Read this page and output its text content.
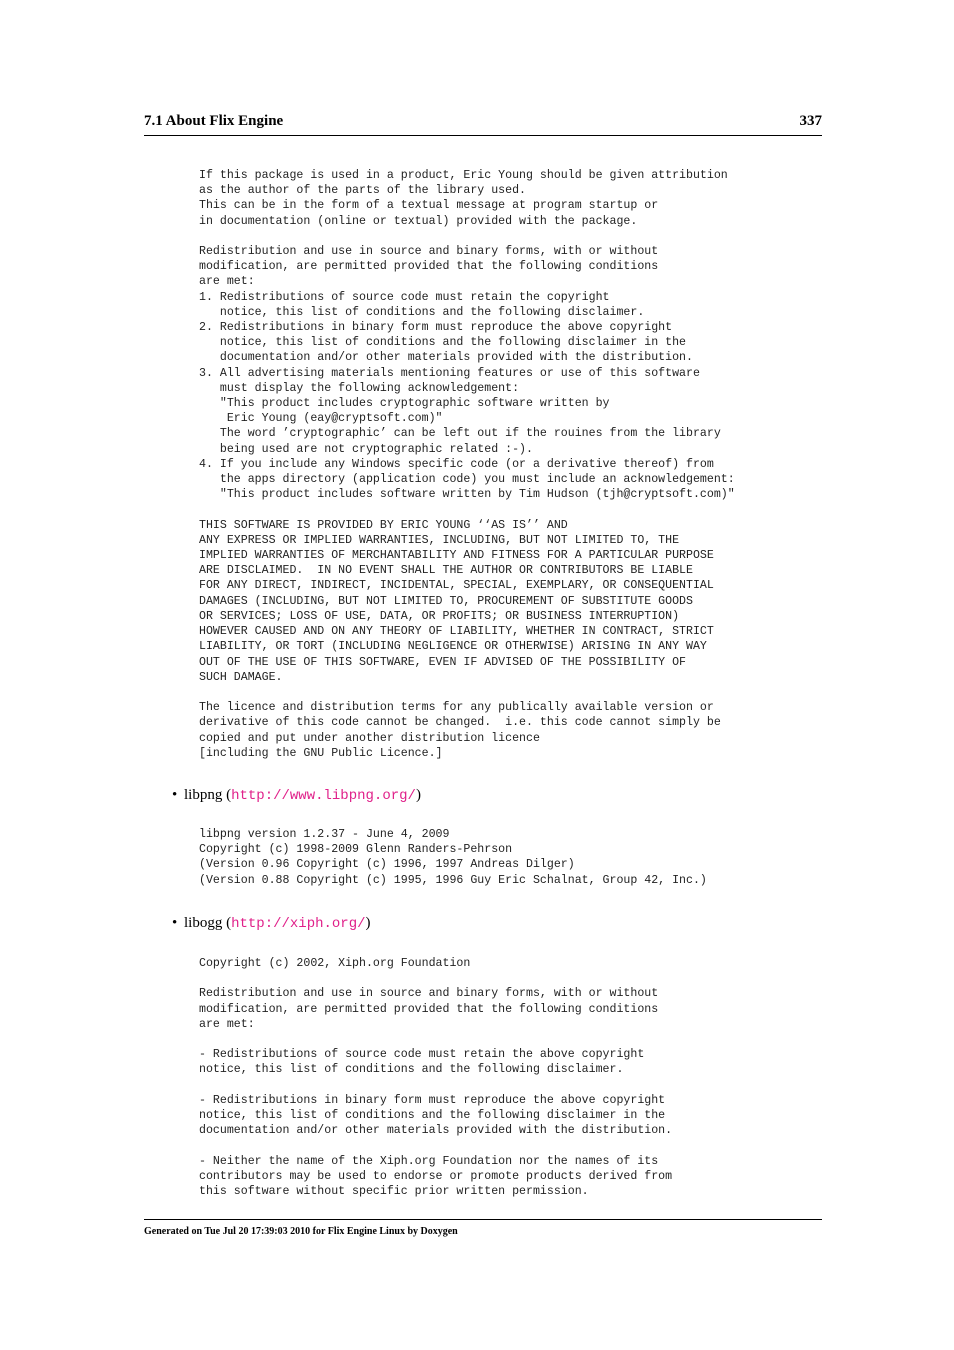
7.1 About Flix Engine	337
If this package is used in a product, Eric Young should be given attribution
as the author of the parts of the library used.
This can be in the form of a textual message at program startup or
in documentation (online or textual) provided with the package.

Redistribution and use in source and binary forms, with or without
modification, are permitted provided that the following conditions
are met:
1. Redistributions of source code must retain the copyright
notice, this list of conditions and the following disclaimer.
2. Redistributions in binary form must reproduce the above copyright
notice, this list of conditions and the following disclaimer in the
documentation and/or other materials provided with the distribution.
3. All advertising materials mentioning features or use of this software
must display the following acknowledgement:
"This product includes cryptographic software written by
Eric Young (eay@cryptsoft.com)"
The word ’cryptographic’ can be left out if the rouines from the library
being used are not cryptographic related :-).
4. If you include any Windows specific code (or a derivative thereof) from
the apps directory (application code) you must include an acknowledgement:
"This product includes software written by Tim Hudson (tjh@cryptsoft.com)"

THIS SOFTWARE IS PROVIDED BY ERIC YOUNG ‘‘AS IS’’ AND
ANY EXPRESS OR IMPLIED WARRANTIES, INCLUDING, BUT NOT LIMITED TO, THE
IMPLIED WARRANTIES OF MERCHANTABILITY AND FITNESS FOR A PARTICULAR PURPOSE
ARE DISCLAIMED.  IN NO EVENT SHALL THE AUTHOR OR CONTRIBUTORS BE LIABLE
FOR ANY DIRECT, INDIRECT, INCIDENTAL, SPECIAL, EXEMPLARY, OR CONSEQUENTIAL
DAMAGES (INCLUDING, BUT NOT LIMITED TO, PROCUREMENT OF SUBSTITUTE GOODS
OR SERVICES; LOSS OF USE, DATA, OR PROFITS; OR BUSINESS INTERRUPTION)
HOWEVER CAUSED AND ON ANY THEORY OF LIABILITY, WHETHER IN CONTRACT, STRICT
LIABILITY, OR TORT (INCLUDING NEGLIGENCE OR OTHERWISE) ARISING IN ANY WAY
OUT OF THE USE OF THIS SOFTWARE, EVEN IF ADVISED OF THE POSSIBILITY OF
SUCH DAMAGE.

The licence and distribution terms for any publically available version or
derivative of this code cannot be changed.  i.e. this code cannot simply be
copied and put under another distribution licence
[including the GNU Public Licence.]
• libpng (http://www.libpng.org/)
libpng version 1.2.37 - June 4, 2009
Copyright (c) 1998-2009 Glenn Randers-Pehrson
(Version 0.96 Copyright (c) 1996, 1997 Andreas Dilger)
(Version 0.88 Copyright (c) 1995, 1996 Guy Eric Schalnat, Group 42, Inc.)
• libogg (http://xiph.org/)
Copyright (c) 2002, Xiph.org Foundation

Redistribution and use in source and binary forms, with or without
modification, are permitted provided that the following conditions
are met:

- Redistributions of source code must retain the above copyright
notice, this list of conditions and the following disclaimer.

- Redistributions in binary form must reproduce the above copyright
notice, this list of conditions and the following disclaimer in the
documentation and/or other materials provided with the distribution.

- Neither the name of the Xiph.org Foundation nor the names of its
contributors may be used to endorse or promote products derived from
this software without specific prior written permission.
Generated on Tue Jul 20 17:39:03 2010 for Flix Engine Linux by Doxygen
